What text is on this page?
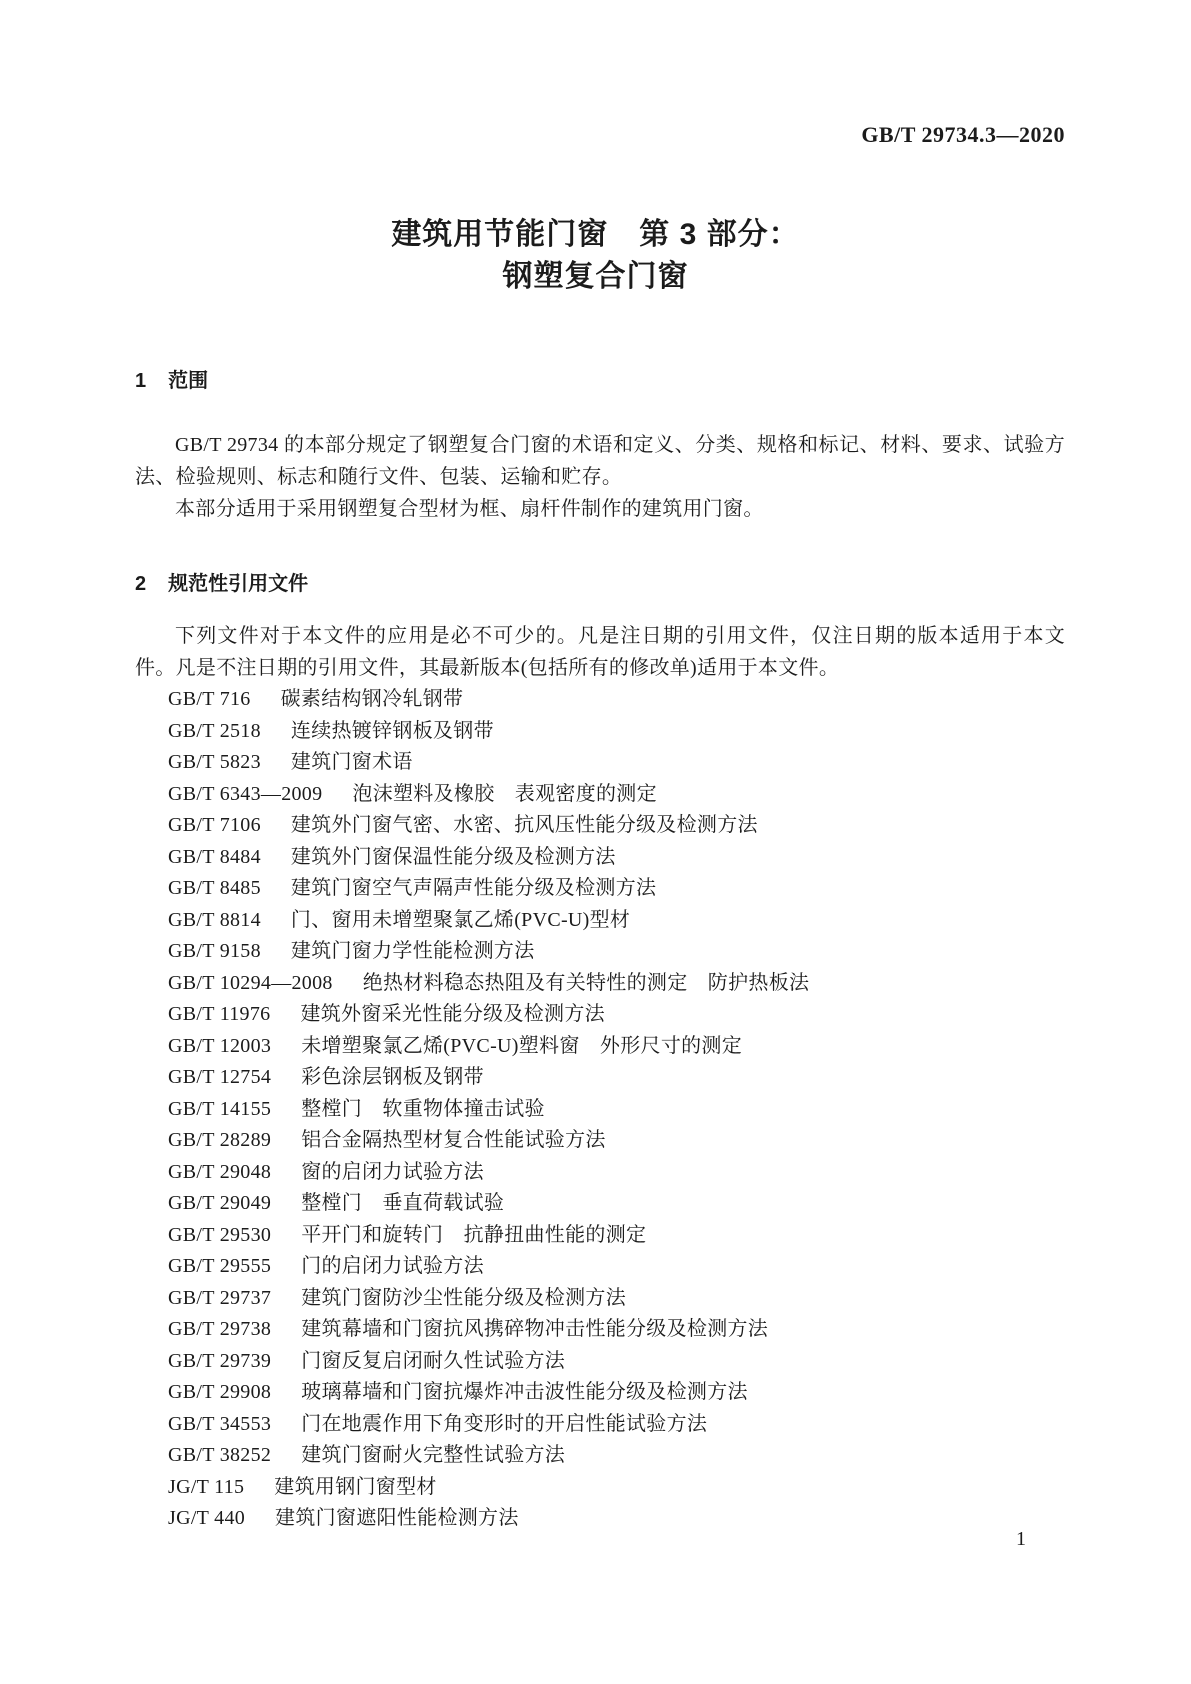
GB/T 29734.3—2020
建筑用节能门窗　第 3 部分：
钢塑复合门窗
1 范围

GB/T 29734 的本部分规定了钢塑复合门窗的术语和定义、分类、规格和标记、材料、要求、试验方法、检验规则、标志和随行文件、包装、运输和贮存。

本部分适用于采用钢塑复合型材为框、扇杆件制作的建筑用门窗。

2 规范性引用文件

下列文件对于本文件的应用是必不可少的。凡是注日期的引用文件，仅注日期的版本适用于本文件。凡是不注日期的引用文件，其最新版本(包括所有的修改单)适用于本文件。

GB/T 716 碳素结构钢冷轧钢带
GB/T 2518 连续热镀锌钢板及钢带
GB/T 5823 建筑门窗术语
GB/T 6343—2009 泡沫塑料及橡胶　表观密度的测定
GB/T 7106 建筑外门窗气密、水密、抗风压性能分级及检测方法
GB/T 8484 建筑外门窗保温性能分级及检测方法
GB/T 8485 建筑门窗空气声隔声性能分级及检测方法
GB/T 8814 门、窗用未增塑聚氯乙烯(PVC-U)型材
GB/T 9158 建筑门窗力学性能检测方法
GB/T 10294—2008 绝热材料稳态热阻及有关特性的测定　防护热板法
GB/T 11976 建筑外窗采光性能分级及检测方法
GB/T 12003 未增塑聚氯乙烯(PVC-U)塑料窗　外形尺寸的测定
GB/T 12754 彩色涂层钢板及钢带
GB/T 14155 整樘门　软重物体撞击试验
GB/T 28289 铝合金隔热型材复合性能试验方法
GB/T 29048 窗的启闭力试验方法
GB/T 29049 整樘门　垂直荷载试验
GB/T 29530 平开门和旋转门　抗静扭曲性能的测定
GB/T 29555 门的启闭力试验方法
GB/T 29737 建筑门窗防沙尘性能分级及检测方法
GB/T 29738 建筑幕墙和门窗抗风携碎物冲击性能分级及检测方法
GB/T 29739 门窗反复启闭耐久性试验方法
GB/T 29908 玻璃幕墙和门窗抗爆炸冲击波性能分级及检测方法
GB/T 34553 门在地震作用下角变形时的开启性能试验方法
GB/T 38252 建筑门窗耐火完整性试验方法
JG/T 115 建筑用钢门窗型材
JG/T 440 建筑门窗遮阳性能检测方法
1
